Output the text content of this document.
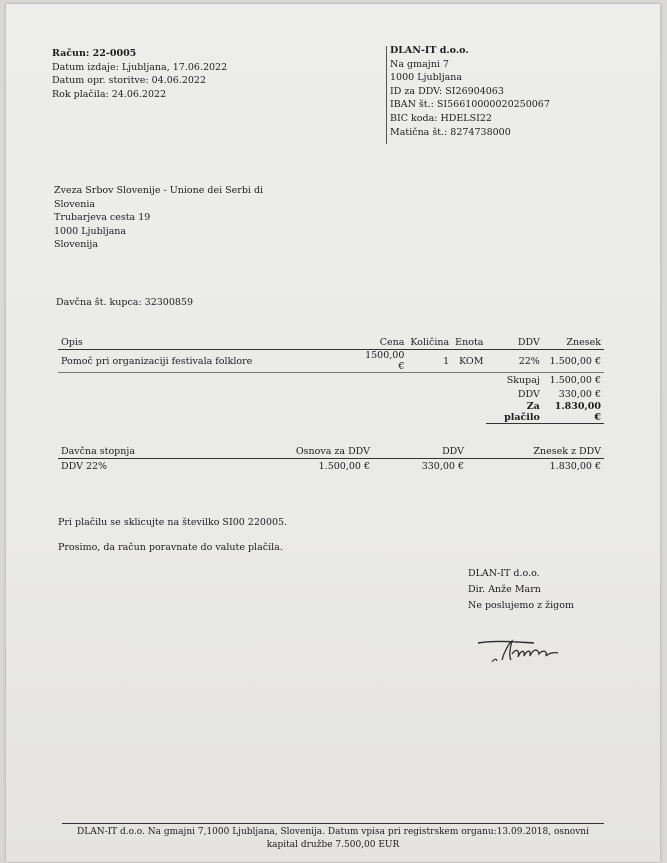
Račun: 22-0005
Datum izdaje: Ljubljana, 17.06.2022
Datum opr. storitve: 04.06.2022
Rok plačila: 24.06.2022
DLAN-IT d.o.o.
Na gmajni 7
1000 Ljubljana
ID za DDV: SI26904063
IBAN št.: SI56610000020250067
BIC koda: HDELSI22
Matična št.: 8274738000
Zveza Srbov Slovenije - Unione dei Serbi di Slovenia
Trubarjeva cesta 19
1000 Ljubljana
Slovenija
Davčna št. kupca: 32300859
Opis	Cena	Količina	Enota	DDV	Znesek
Pomoč pri organizaciji festivala folklore	1500,00 €	1	KOM	22%	1.500,00 €
				Skupaj	1.500,00 €
				DDV	330,00 €
				Za plačilo	1.830,00 €
Davčna stopnja	Osnova za DDV	DDV	Znesek z DDV
DDV 22%	1.500,00 €	330,00 €	1.830,00 €
Pri plačilu se sklicujte na številko SI00 220005.
Prosimo, da račun poravnate do valute plačila.
DLAN-IT d.o.o.
Dir. Anže Marn
Ne poslujemo z žigom
DLAN-IT d.o.o. Na gmajni 7,1000 Ljubljana, Slovenija. Datum vpisa pri registrskem organu:13.09.2018, osnovni kapital družbe 7.500,00 EUR
